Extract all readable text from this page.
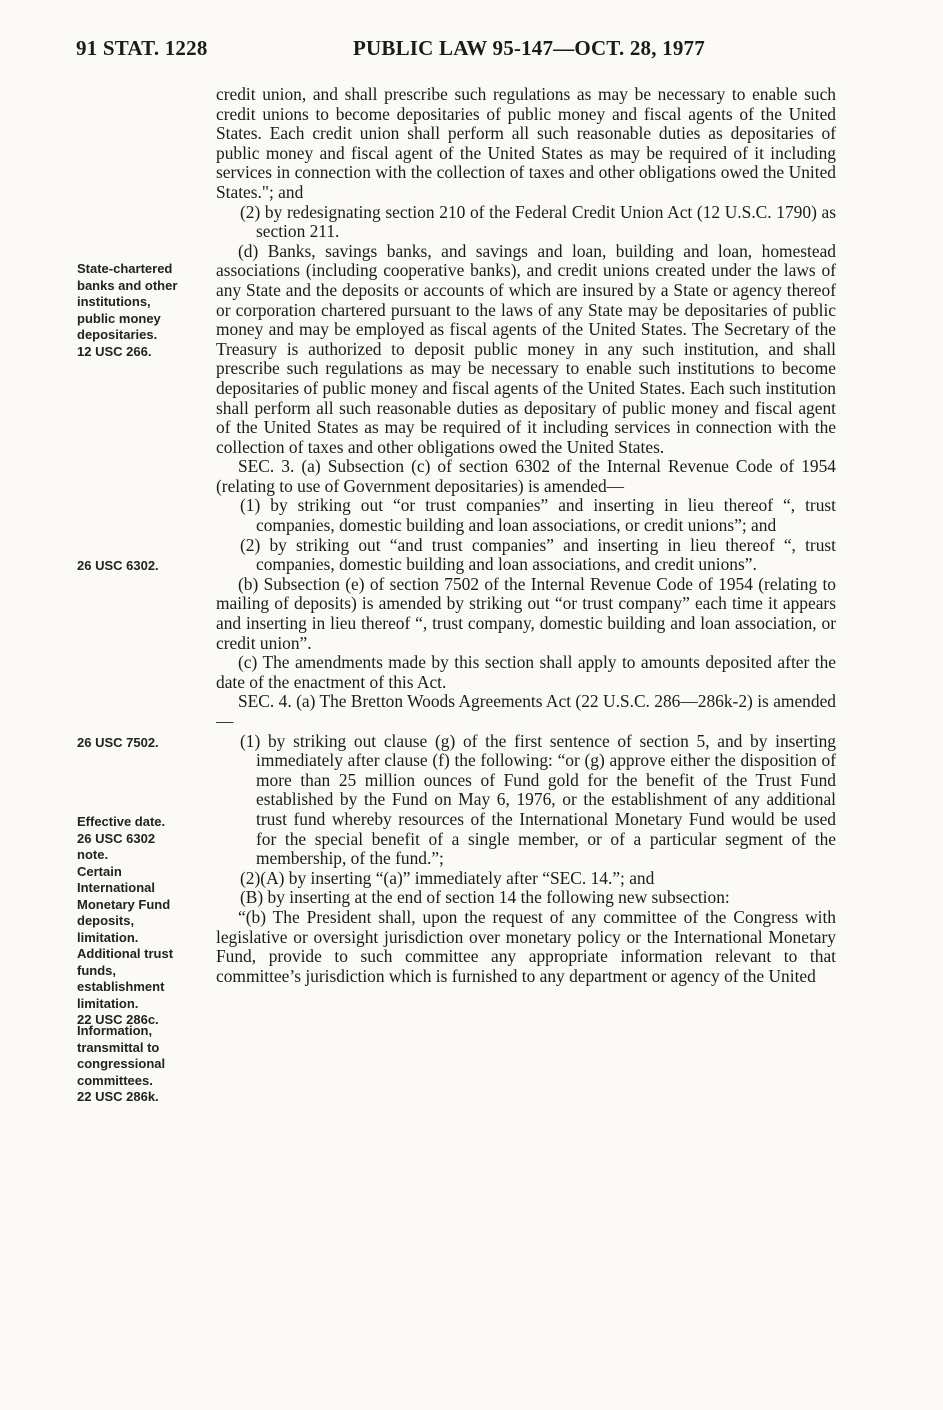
91 STAT. 1228	PUBLIC LAW 95-147—OCT. 28, 1977
State-chartered
banks and other
institutions,
public money
depositaries.
12 USC 266.
26 USC 6302.
26 USC 7502.
Effective date.
26 USC 6302
note.
Certain
International
Monetary Fund
deposits,
limitation.
Additional trust
funds,
establishment
limitation.
22 USC 286c.
Information,
transmittal to
congressional
committees.
22 USC 286k.

credit union, and shall prescribe such regulations as may be necessary to enable such credit unions to become depositaries of public money and fiscal agents of the United States. Each credit union shall perform all such reasonable duties as depositaries of public money and fiscal agent of the United States as may be required of it including services in connection with the collection of taxes and other obligations owed the United States."; and

(2) by redesignating section 210 of the Federal Credit Union Act (12 U.S.C. 1790) as section 211.

(d) Banks, savings banks, and savings and loan, building and loan, homestead associations (including cooperative banks), and credit unions created under the laws of any State and the deposits or accounts of which are insured by a State or agency thereof or corporation chartered pursuant to the laws of any State may be depositaries of public money and may be employed as fiscal agents of the United States. The Secretary of the Treasury is authorized to deposit public money in any such institution, and shall prescribe such regulations as may be necessary to enable such institutions to become depositaries of public money and fiscal agents of the United States. Each such institution shall perform all such reasonable duties as depositary of public money and fiscal agent of the United States as may be required of it including services in connection with the collection of taxes and other obligations owed the United States.

SEC. 3. (a) Subsection (c) of section 6302 of the Internal Revenue Code of 1954 (relating to use of Government depositaries) is amended—

(1) by striking out “or trust companies” and inserting in lieu thereof “, trust companies, domestic building and loan associations, or credit unions”; and

(2) by striking out “and trust companies” and inserting in lieu thereof “, trust companies, domestic building and loan associations, and credit unions”.

(b) Subsection (e) of section 7502 of the Internal Revenue Code of 1954 (relating to mailing of deposits) is amended by striking out “or trust company” each time it appears and inserting in lieu thereof “, trust company, domestic building and loan association, or credit union”.

(c) The amendments made by this section shall apply to amounts deposited after the date of the enactment of this Act.

SEC. 4. (a) The Bretton Woods Agreements Act (22 U.S.C. 286—286k-2) is amended—

(1) by striking out clause (g) of the first sentence of section 5, and by inserting immediately after clause (f) the following: “or (g) approve either the disposition of more than 25 million ounces of Fund gold for the benefit of the Trust Fund established by the Fund on May 6, 1976, or the establishment of any additional trust fund whereby resources of the International Monetary Fund would be used for the special benefit of a single member, or of a particular segment of the membership, of the fund.”;

(2)(A) by inserting “(a)” immediately after “SEC. 14.”; and

(B) by inserting at the end of section 14 the following new subsection:

“(b) The President shall, upon the request of any committee of the Congress with legislative or oversight jurisdiction over monetary policy or the International Monetary Fund, provide to such committee any appropriate information relevant to that committee’s jurisdiction which is furnished to any department or agency of the United
